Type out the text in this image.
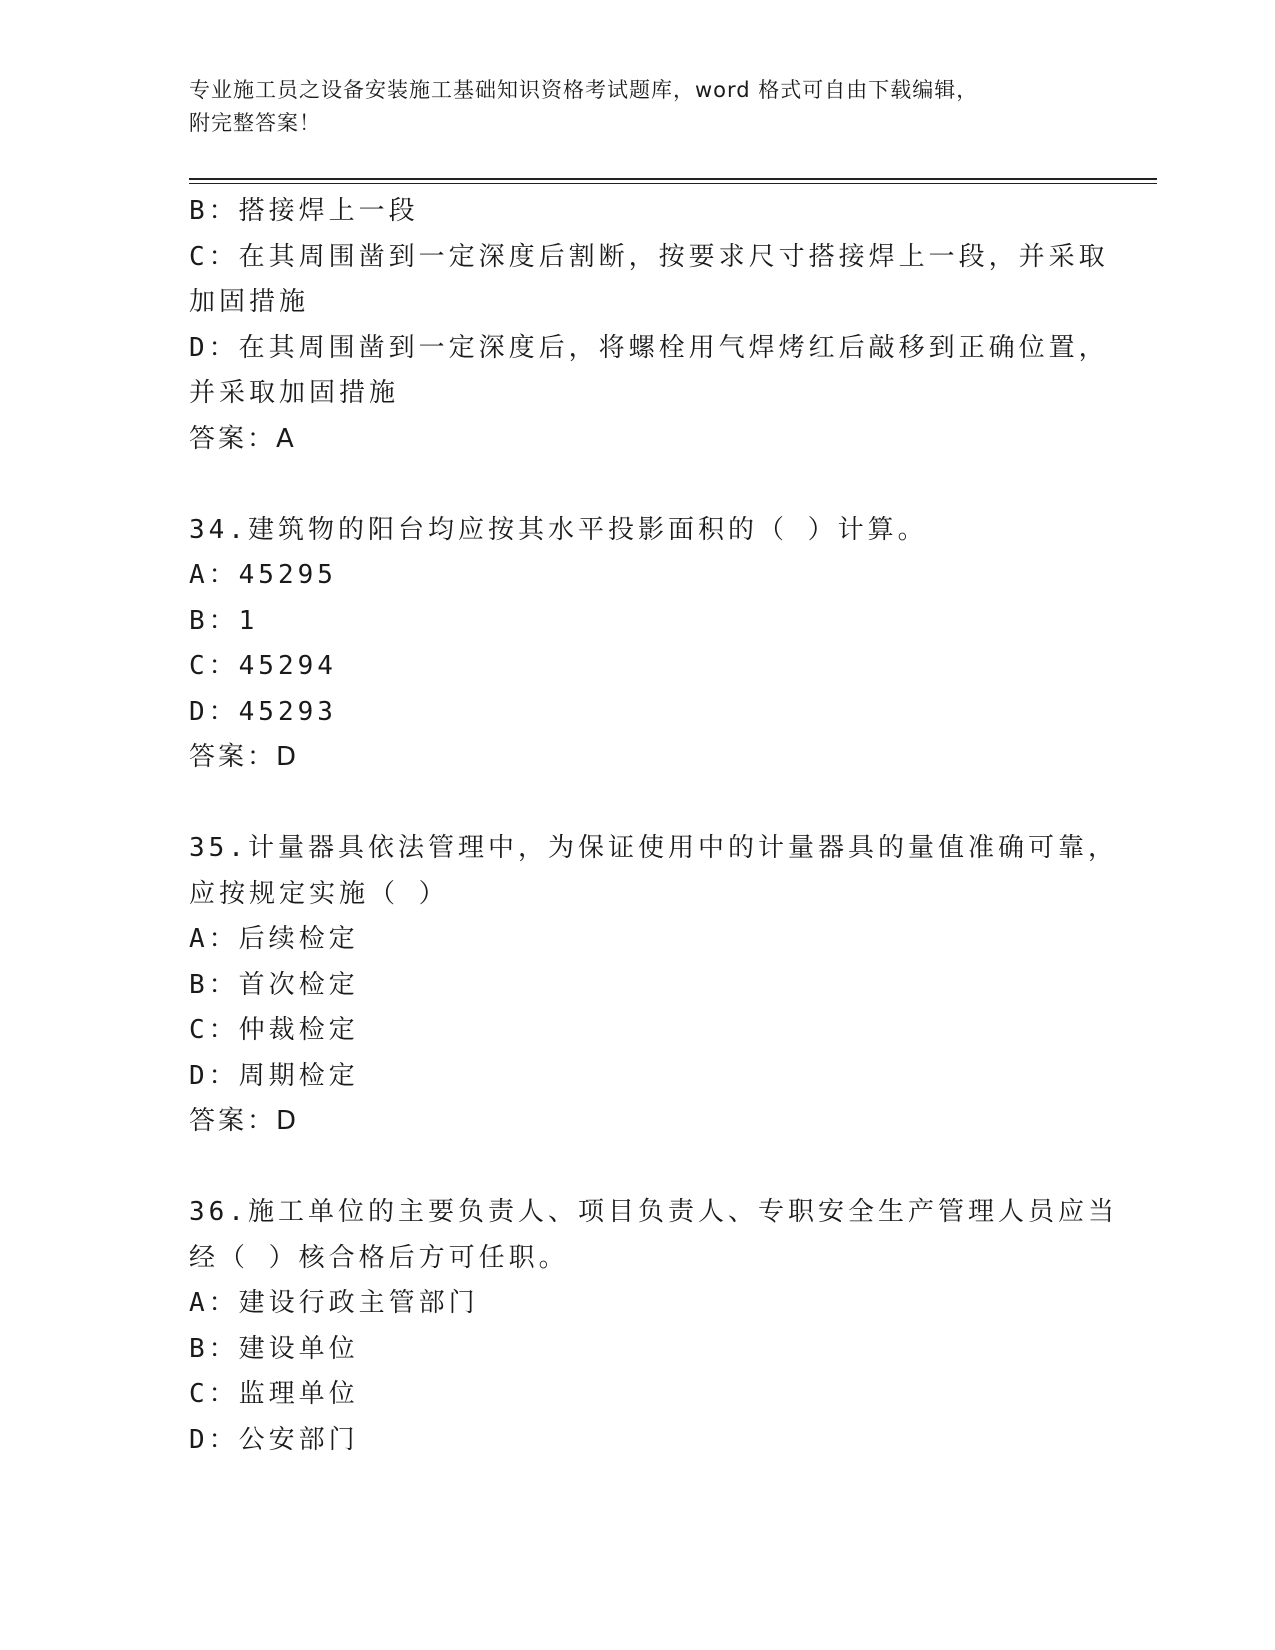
专业施工员之设备安装施工基础知识资格考试题库，word 格式可自由下载编辑，
附完整答案！
B：搭接焊上一段
C：在其周围凿到一定深度后割断，按要求尺寸搭接焊上一段，并采取
加固措施
D：在其周围凿到一定深度后，将螺栓用气焊烤红后敲移到正确位置，
并采取加固措施
答案：A
34.建筑物的阳台均应按其水平投影面积的（ ）计算。
A：45295
B：1
C：45294
D：45293
答案：D
35.计量器具依法管理中，为保证使用中的计量器具的量值准确可靠，
应按规定实施（ ）
A：后续检定
B：首次检定
C：仲裁检定
D：周期检定
答案：D
36.施工单位的主要负责人、项目负责人、专职安全生产管理人员应当
经（ ）核合格后方可任职。
A：建设行政主管部门
B：建设单位
C：监理单位
D：公安部门
